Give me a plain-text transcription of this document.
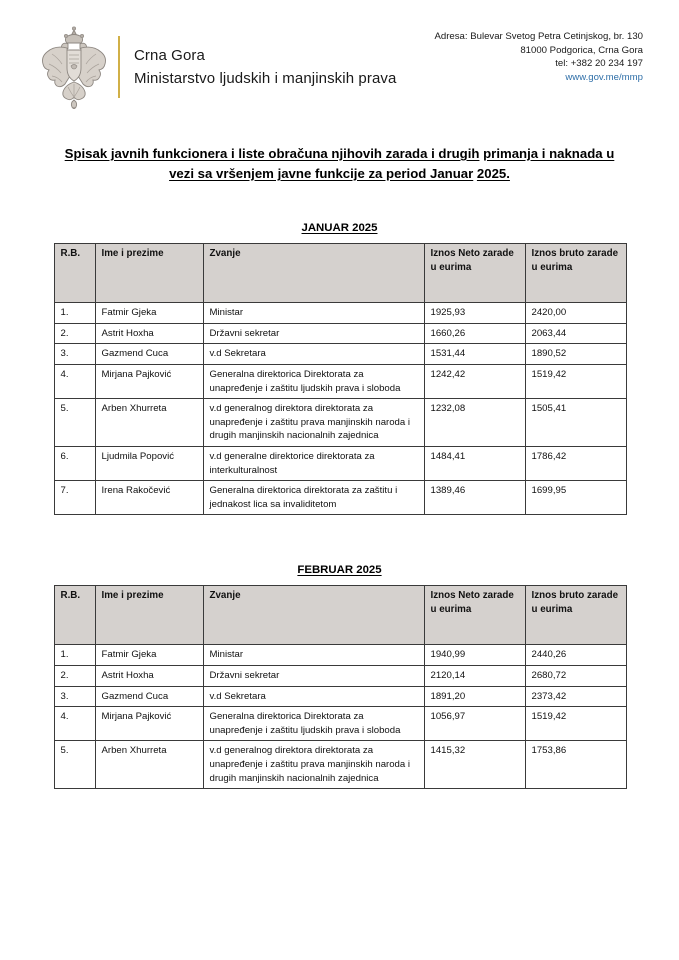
Crna Gora
Ministarstvo ljudskih i manjinskih prava
Adresa: Bulevar Svetog Petra Cetinjskog, br. 130
81000 Podgorica, Crna Gora
tel: +382 20 234 197
www.gov.me/mmp
Spisak javnih funkcionera i liste obračuna njihovih zarada i drugih primanja i naknada u vezi sa vršenjem javne funkcije za period Januar 2025.
JANUAR 2025
R.B.	Ime i prezime	Zvanje	Iznos Neto zarade u eurima	Iznos bruto zarade u eurima
1.	Fatmir Gjeka	Ministar	1925,93	2420,00
2.	Astrit Hoxha	Državni sekretar	1660,26	2063,44
3.	Gazmend Cuca	v.d Sekretara	1531,44	1890,52
4.	Mirjana Pajković	Generalna direktorica Direktorata za unapređenje i zaštitu ljudskih prava i sloboda	1242,42	1519,42
5.	Arben Xhurreta	v.d generalnog direktora direktorata za unapređenje i zaštitu prava manjinskih naroda i drugih manjinskih nacionalnih zajednica	1232,08	1505,41
6.	Ljudmila Popović	v.d generalne direktorice direktorata za interkulturalnost	1484,41	1786,42
7.	Irena Rakočević	Generalna direktorica direktorata za zaštitu i jednakost lica sa invaliditetom	1389,46	1699,95
FEBRUAR 2025
R.B.	Ime i prezime	Zvanje	Iznos Neto zarade u eurima	Iznos bruto zarade u eurima
1.	Fatmir Gjeka	Ministar	1940,99	2440,26
2.	Astrit Hoxha	Državni sekretar	2120,14	2680,72
3.	Gazmend Cuca	v.d Sekretara	1891,20	2373,42
4.	Mirjana Pajković	Generalna direktorica Direktorata za unapređenje i zaštitu ljudskih prava i sloboda	1056,97	1519,42
5.	Arben Xhurreta	v.d generalnog direktora direktorata za unapređenje i zaštitu prava manjinskih naroda i drugih manjinskih nacionalnih zajednica	1415,32	1753,86
